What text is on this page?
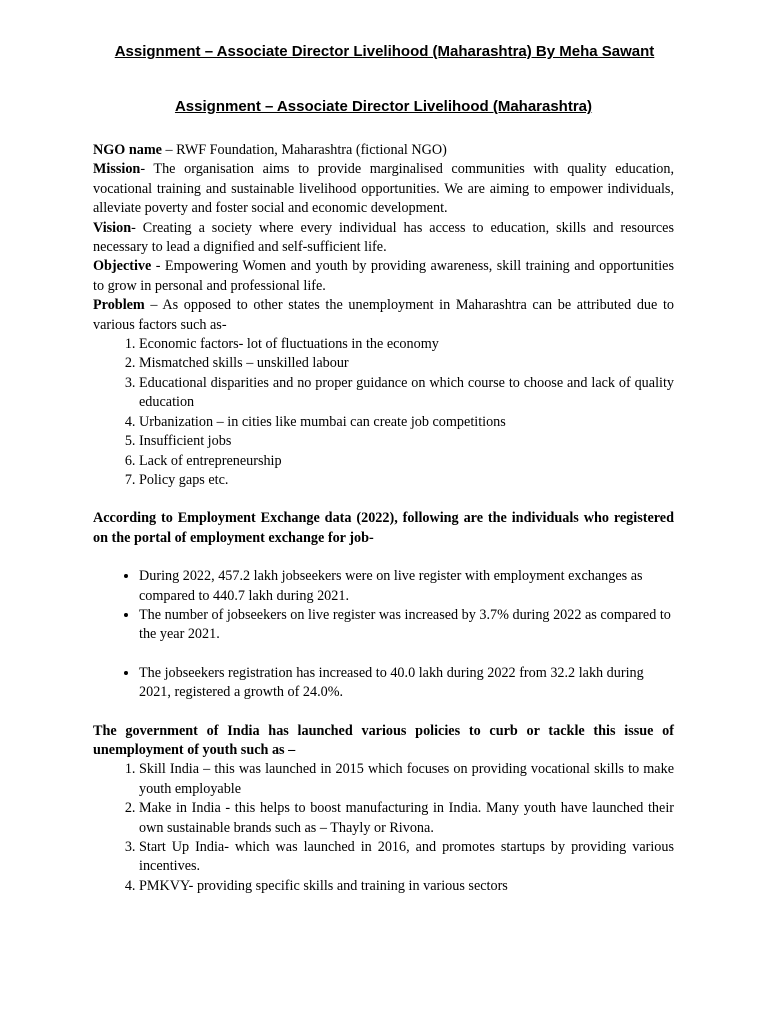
Assignment – Associate Director Livelihood (Maharashtra) By Meha Sawant

Assignment – Associate Director Livelihood (Maharashtra)

NGO name – RWF Foundation, Maharashtra (fictional NGO)

Mission- The organisation aims to provide marginalised communities with quality education, vocational training and sustainable livelihood opportunities. We are aiming to empower individuals, alleviate poverty and foster social and economic development.

Vision- Creating a society where every individual has access to education, skills and resources necessary to lead a dignified and self-sufficient life.

Objective - Empowering Women and youth by providing awareness, skill training and opportunities to grow in personal and professional life.

Problem – As opposed to other states the unemployment in Maharashtra can be attributed due to various factors such as-

1. Economic factors- lot of fluctuations in the economy
2. Mismatched skills – unskilled labour
3. Educational disparities and no proper guidance on which course to choose and lack of quality education
4. Urbanization – in cities like mumbai can create job competitions
5. Insufficient jobs
6. Lack of entrepreneurship
7. Policy gaps etc.

According to Employment Exchange data (2022), following are the individuals who registered on the portal of employment exchange for job-

• During 2022, 457.2 lakh jobseekers were on live register with employment exchanges as compared to 440.7 lakh during 2021.
• The number of jobseekers on live register was increased by 3.7% during 2022 as compared to the year 2021.
• The jobseekers registration has increased to 40.0 lakh during 2022 from 32.2 lakh during 2021, registered a growth of 24.0%.

The government of India has launched various policies to curb or tackle this issue of unemployment of youth such as –

1. Skill India – this was launched in 2015 which focuses on providing vocational skills to make youth employable
2. Make in India - this helps to boost manufacturing in India. Many youth have launched their own sustainable brands such as – Thayly or Rivona.
3. Start Up India- which was launched in 2016, and promotes startups by providing various incentives.
4. PMKVY- providing specific skills and training in various sectors
